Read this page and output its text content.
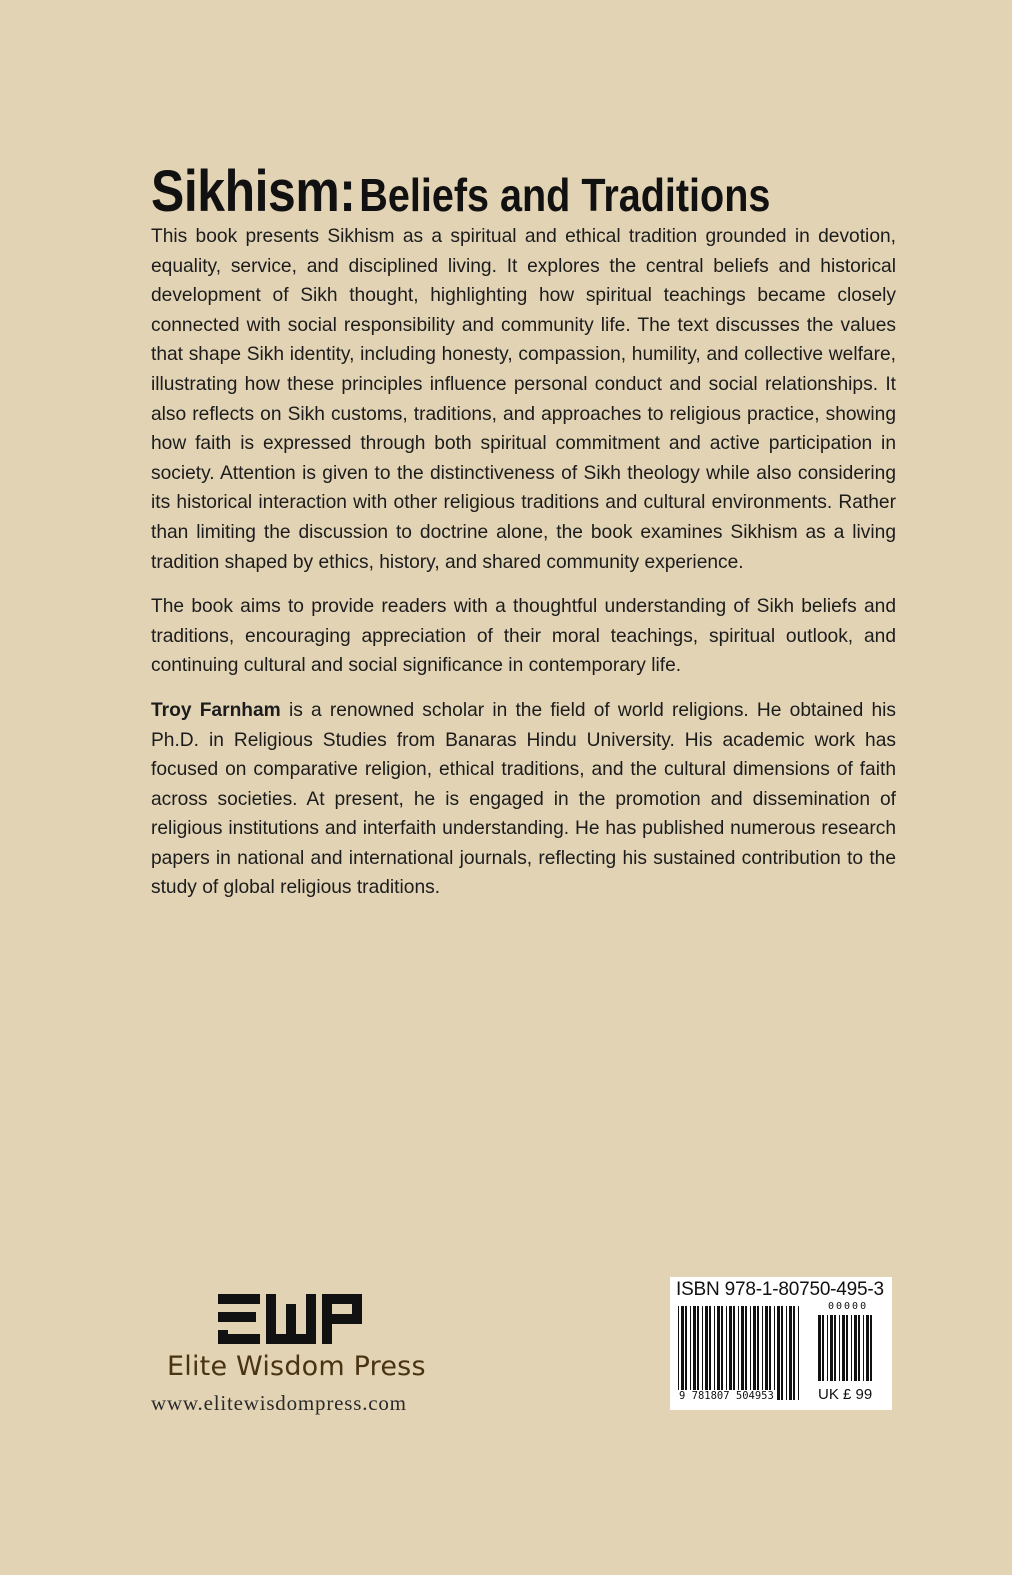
Sikhism: Beliefs and Traditions

This book presents Sikhism as a spiritual and ethical tradition grounded in devotion, equality, service, and disciplined living. It explores the central beliefs and historical development of Sikh thought, highlighting how spiritual teachings became closely connected with social responsibility and community life. The text discusses the values that shape Sikh identity, including honesty, compassion, humility, and collective welfare, illustrating how these principles influence personal conduct and social relationships. It also reflects on Sikh customs, traditions, and approaches to religious practice, showing how faith is expressed through both spiritual commitment and active participation in society. Attention is given to the distinctiveness of Sikh theology while also considering its historical interaction with other religious traditions and cultural environments. Rather than limiting the discussion to doctrine alone, the book examines Sikhism as a living tradition shaped by ethics, history, and shared community experience.

The book aims to provide readers with a thoughtful understanding of Sikh beliefs and traditions, encouraging appreciation of their moral teachings, spiritual outlook, and continuing cultural and social significance in contemporary life.

Troy Farnham is a renowned scholar in the field of world religions. He obtained his Ph.D. in Religious Studies from Banaras Hindu University. His academic work has focused on comparative religion, ethical traditions, and the cultural dimensions of faith across societies. At present, he is engaged in the promotion and dissemination of religious institutions and interfaith understanding. He has published numerous research papers in national and international journals, reflecting his sustained contribution to the study of global religious traditions.

Elite Wisdom Press
www.elitewisdompress.com
ISBN 978-1-80750-495-3
00000
9 781807 504953	UK £ 99
